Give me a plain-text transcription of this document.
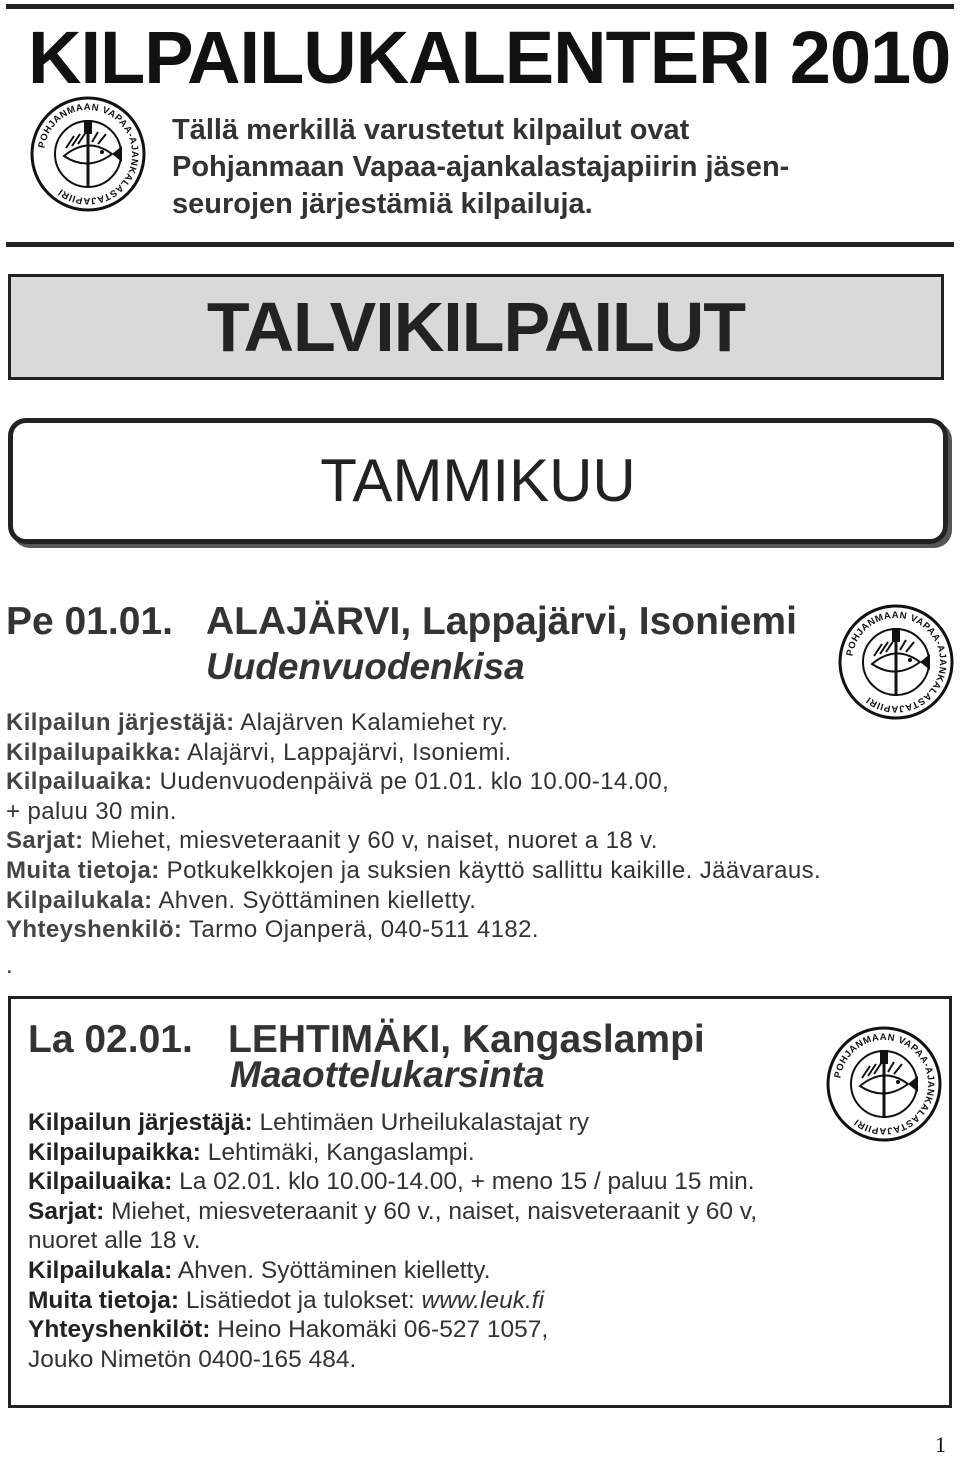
KILPAILUKALENTERI 2010
POHJANMAAN VAPAA-AJANKALASTAJAPIIRI
Tällä merkillä varustetut kilpailut ovat
Pohjanmaan Vapaa-ajankalastajapiirin jäsen-
seurojen järjestämiä kilpailuja.
TALVIKILPAILUT
TAMMIKUU
Pe 01.01. ALAJÄRVI, Lappajärvi, Isoniemi
Uudenvuodenkisa	POHJANMAAN VAPAA-AJANKALASTAJAPIIRI
Kilpailun järjestäjä: Alajärven Kalamiehet ry.
Kilpailupaikka: Alajärvi, Lappajärvi, Isoniemi.
Kilpailuaika: Uudenvuodenpäivä pe 01.01. klo 10.00-14.00,
+ paluu 30 min.
Sarjat: Miehet, miesveteraanit y 60 v, naiset, nuoret a 18 v.
Muita tietoja: Potkukelkkojen ja suksien käyttö sallittu kaikille. Jäävaraus.
Kilpailukala: Ahven. Syöttäminen kielletty.
Yhteyshenkilö: Tarmo Ojanperä, 040-511 4182.
.
La 02.01. LEHTIMÄKI, Kangaslampi
Maaottelukarsinta	POHJANMAAN VAPAA-AJANKALASTAJAPIIRI
Kilpailun järjestäjä: Lehtimäen Urheilukalastajat ry
Kilpailupaikka: Lehtimäki, Kangaslampi.
Kilpailuaika: La 02.01. klo 10.00-14.00, + meno 15 / paluu 15 min.
Sarjat: Miehet, miesveteraanit y 60 v., naiset, naisveteraanit y 60 v,
nuoret alle 18 v.
Kilpailukala: Ahven. Syöttäminen kielletty.
Muita tietoja: Lisätiedot ja tulokset: www.leuk.fi
Yhteyshenkilöt: Heino Hakomäki 06-527 1057,
Jouko Nimetön 0400-165 484.
1
